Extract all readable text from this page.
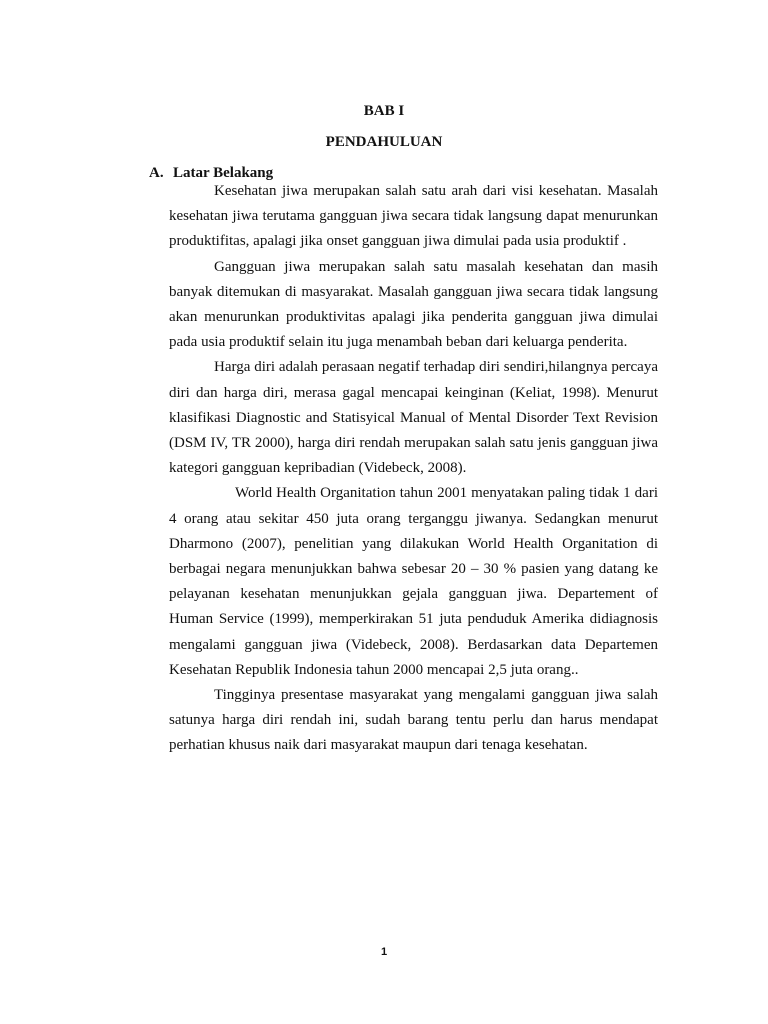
BAB I
PENDAHULUAN
A. Latar Belakang

Kesehatan jiwa merupakan salah satu arah dari visi kesehatan. Masalah kesehatan jiwa terutama gangguan jiwa secara tidak langsung dapat menurunkan produktifitas, apalagi jika onset gangguan jiwa dimulai pada usia produktif .

Gangguan jiwa merupakan salah satu masalah kesehatan dan masih banyak ditemukan di masyarakat. Masalah gangguan jiwa secara tidak langsung akan menurunkan produktivitas apalagi jika penderita gangguan jiwa dimulai pada usia produktif selain itu juga menambah beban dari keluarga penderita.

Harga diri adalah perasaan negatif terhadap diri sendiri,hilangnya percaya diri dan harga diri, merasa gagal mencapai keinginan (Keliat, 1998). Menurut klasifikasi Diagnostic and Statisyical Manual of Mental Disorder Text Revision (DSM IV, TR 2000), harga diri rendah merupakan salah satu jenis gangguan jiwa kategori gangguan kepribadian (Videbeck, 2008).

World Health Organitation tahun 2001 menyatakan paling tidak 1 dari 4 orang atau sekitar 450 juta orang terganggu jiwanya. Sedangkan menurut Dharmono (2007), penelitian yang dilakukan World Health Organitation di berbagai negara menunjukkan bahwa sebesar 20 – 30 % pasien yang datang ke pelayanan kesehatan menunjukkan gejala gangguan jiwa. Departement of Human Service (1999), memperkirakan 51 juta penduduk Amerika didiagnosis mengalami gangguan jiwa (Videbeck, 2008). Berdasarkan data Departemen Kesehatan Republik Indonesia tahun 2000 mencapai 2,5 juta orang..

Tingginya presentase masyarakat yang mengalami gangguan jiwa salah satunya harga diri rendah ini, sudah barang tentu perlu dan harus mendapat perhatian khusus naik dari masyarakat maupun dari tenaga kesehatan.

1
